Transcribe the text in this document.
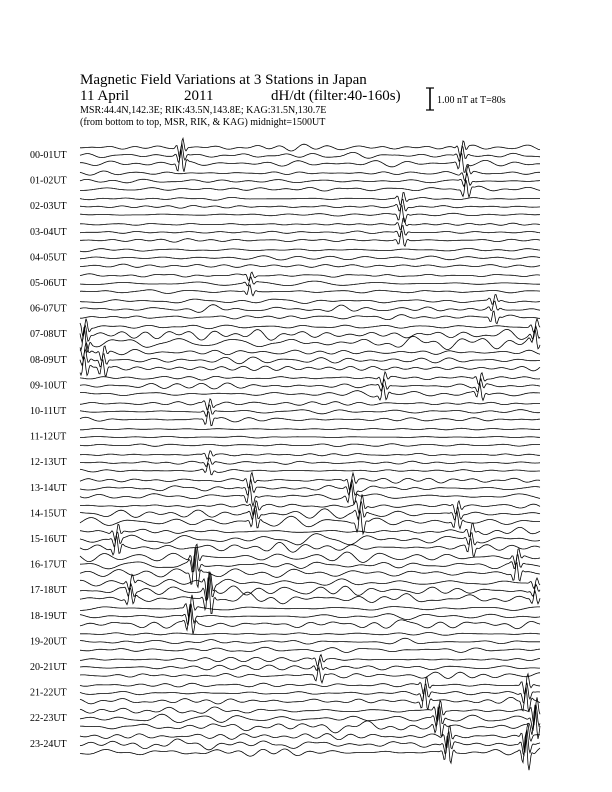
00-01UT
01-02UT
02-03UT
03-04UT
04-05UT
05-06UT
06-07UT
07-08UT
08-09UT
09-10UT
10-11UT
11-12UT
12-13UT
13-14UT
14-15UT
15-16UT
16-17UT
17-18UT
18-19UT
19-20UT
20-21UT
21-22UT
22-23UT
23-24UT
Magnetic Field Variations at 3 Stations in Japan
11 April	2011	dH/dt (filter:40-160s)
MSR:44.4N,142.3E; RIK:43.5N,143.8E; KAG:31.5N,130.7E
(from bottom to top, MSR, RIK, & KAG) midnight=1500UT
1.00 nT at T=80s
